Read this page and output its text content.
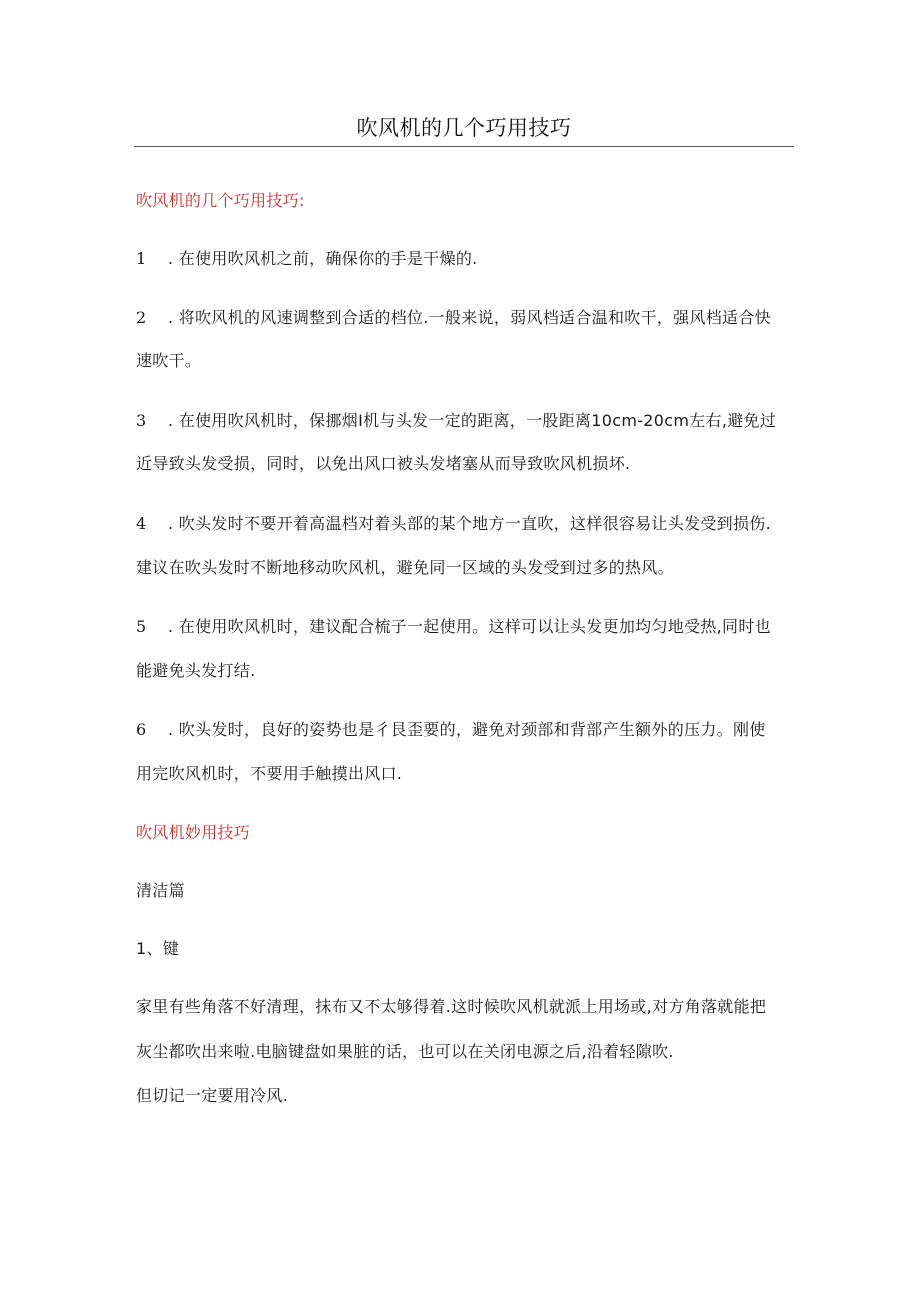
吹风机的几个巧用技巧
吹风机的几个巧用技巧:
1 . 在使用吹风机之前，确保你的手是干燥的.
2 . 将吹风机的风速调整到合适的档位.一般来说，弱风档适合温和吹干，强风档适合快
速吹干。
3 . 在使用吹风机时，保挪烟I机与头发一定的距离，一股距离10cm-20cm左右,避免过
近导致头发受损，同时，以免出风口被头发堵塞从而导致吹风机损坏.
4 . 吹头发时不要开着高温档对着头部的某个地方一直吹，这样很容易让头发受到损伤.
建议在吹头发时不断地移动吹风机，避免同一区域的头发受到过多的热风。
5 . 在使用吹风机时，建议配合梳子一起使用。这样可以让头发更加均匀地受热,同时也
能避免头发打结.
6 . 吹头发时，良好的姿势也是彳艮歪要的，避免对颈部和背部产生额外的压力。刚使
用完吹风机时，不要用手触摸出风口.
吹风机妙用技巧
清洁篇
1、键
家里有些角落不好清理，抹布又不太够得着.这时候吹风机就派上用场或,对方角落就能把
灰尘都吹出来啦.电脑键盘如果脏的话，也可以在关闭电源之后,沿着轻隙吹.
但切记一定要用冷风.
